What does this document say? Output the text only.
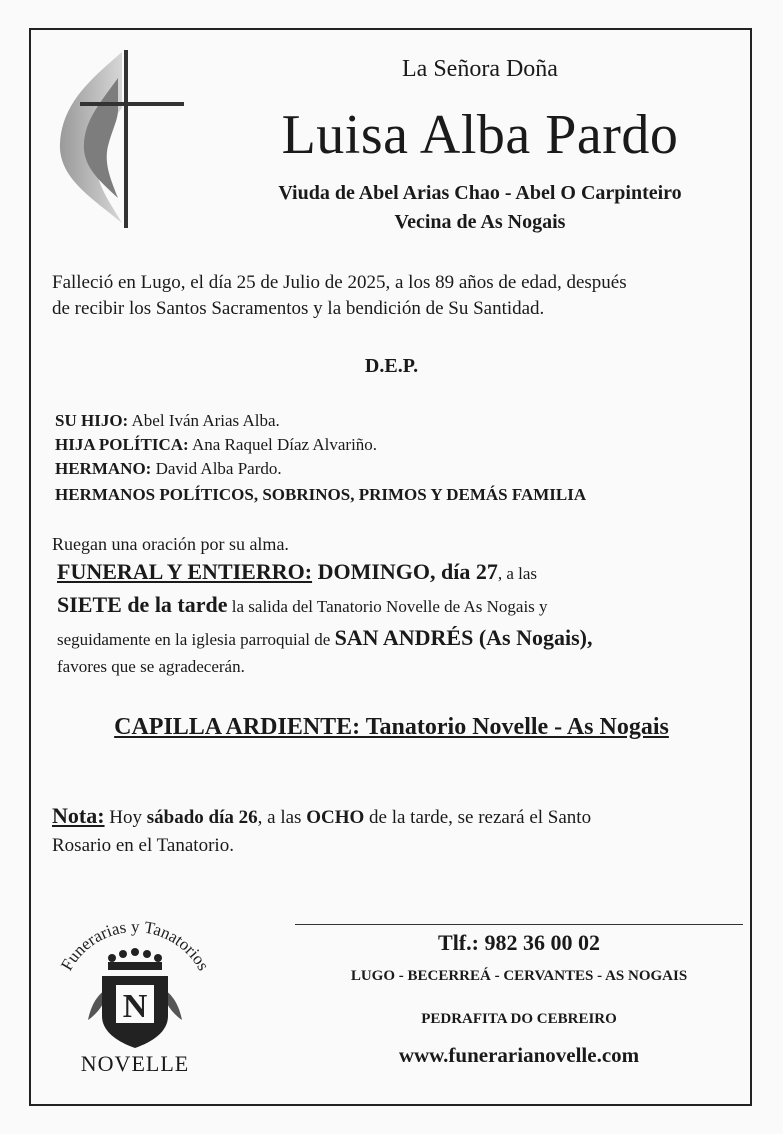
La Señora Doña
Luisa Alba Pardo
Viuda de Abel Arias Chao - Abel O Carpinteiro
Vecina de As Nogais
Falleció en Lugo, el día 25 de Julio de 2025, a los 89 años de edad, después
de recibir los Santos Sacramentos y la bendición de Su Santidad.
D.E.P.
SU HIJO: Abel Iván Arias Alba.
HIJA POLÍTICA: Ana Raquel Díaz Alvariño.
HERMANO: David Alba Pardo.
HERMANOS POLÍTICOS, SOBRINOS, PRIMOS Y DEMÁS FAMILIA
Ruegan una oración por su alma.
FUNERAL Y ENTIERRO: DOMINGO, día 27, a las
SIETE de la tarde la salida del Tanatorio Novelle de As Nogais y
seguidamente en la iglesia parroquial de SAN ANDRÉS (As Nogais),
favores que se agradecerán.
CAPILLA ARDIENTE: Tanatorio Novelle - As Nogais
Nota: Hoy sábado día 26, a las OCHO de la tarde, se rezará el Santo
Rosario en el Tanatorio.
Tlf.: 982 36 00 02
LUGO - BECERREÁ - CERVANTES - AS NOGAIS
PEDRAFITA DO CEBREIRO
www.funerarianovelle.com
Funerarias y Tanatorios
N
NOVELLE
